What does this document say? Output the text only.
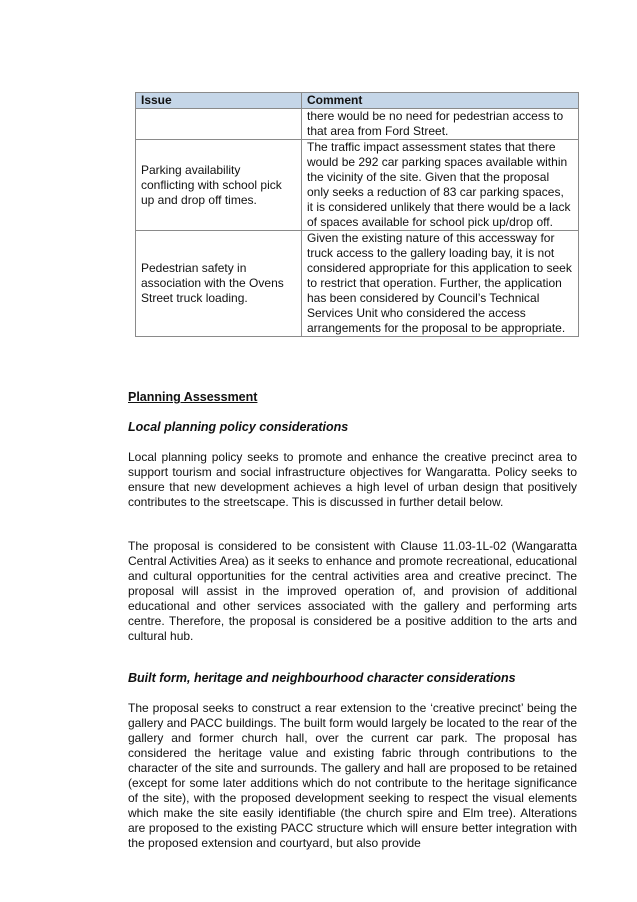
Issue	Comment
	there would be no need for pedestrian access to that area from Ford Street.
Parking availability conflicting with school pick up and drop off times.	The traffic impact assessment states that there would be 292 car parking spaces available within the vicinity of the site. Given that the proposal only seeks a reduction of 83 car parking spaces, it is considered unlikely that there would be a lack of spaces available for school pick up/drop off.
Pedestrian safety in association with the Ovens Street truck loading.	Given the existing nature of this accessway for truck access to the gallery loading bay, it is not considered appropriate for this application to seek to restrict that operation. Further, the application has been considered by Council’s Technical Services Unit who considered the access arrangements for the proposal to be appropriate.
Planning Assessment
Local planning policy considerations
Local planning policy seeks to promote and enhance the creative precinct area to support tourism and social infrastructure objectives for Wangaratta. Policy seeks to ensure that new development achieves a high level of urban design that positively contributes to the streetscape. This is discussed in further detail below.
The proposal is considered to be consistent with Clause 11.03-1L-02 (Wangaratta Central Activities Area) as it seeks to enhance and promote recreational, educational and cultural opportunities for the central activities area and creative precinct. The proposal will assist in the improved operation of, and provision of additional educational and other services associated with the gallery and performing arts centre. Therefore, the proposal is considered be a positive addition to the arts and cultural hub.
Built form, heritage and neighbourhood character considerations
The proposal seeks to construct a rear extension to the ‘creative precinct’ being the gallery and PACC buildings. The built form would largely be located to the rear of the gallery and former church hall, over the current car park. The proposal has considered the heritage value and existing fabric through contributions to the character of the site and surrounds. The gallery and hall are proposed to be retained (except for some later additions which do not contribute to the heritage significance of the site), with the proposed development seeking to respect the visual elements which make the site easily identifiable (the church spire and Elm tree). Alterations are proposed to the existing PACC structure which will ensure better integration with the proposed extension and courtyard, but also provide
